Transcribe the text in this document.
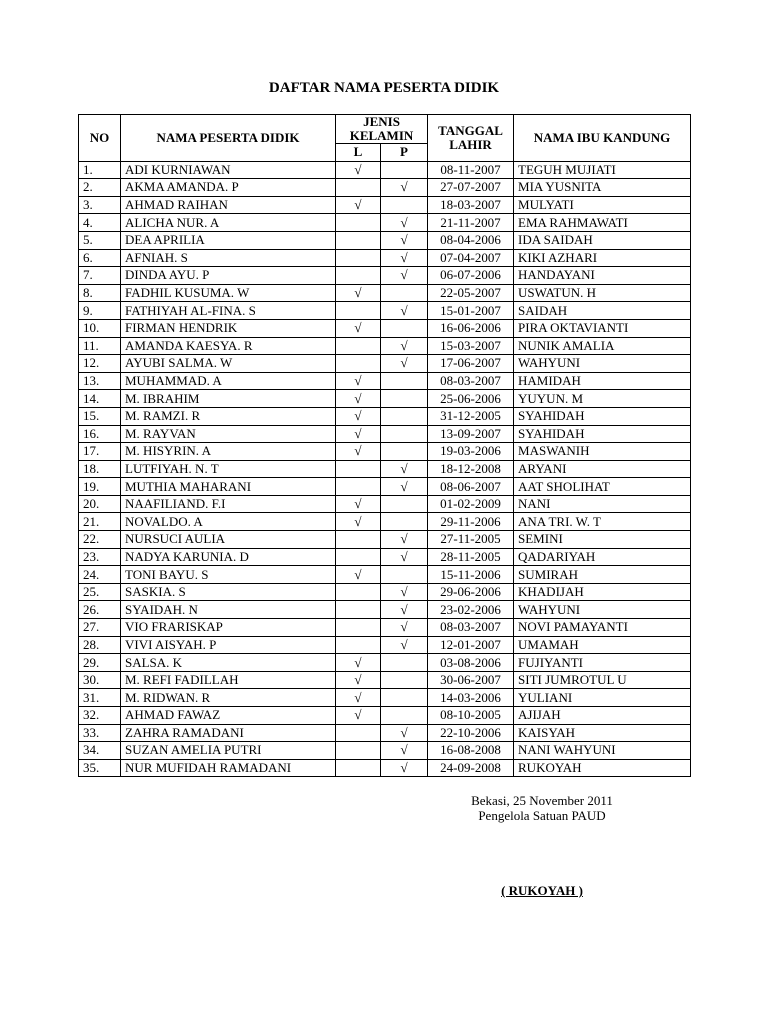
DAFTAR NAMA PESERTA DIDIK
NO	NAMA PESERTA DIDIK	JENIS KELAMIN		TANGGAL LAHIR	NAMA IBU KANDUNG
		L	P		
1.	ADI KURNIAWAN	√		08-11-2007	TEGUH MUJIATI
2.	AKMA AMANDA. P		√	27-07-2007	MIA YUSNITA
3.	AHMAD RAIHAN	√		18-03-2007	MULYATI
4.	ALICHA NUR. A		√	21-11-2007	EMA RAHMAWATI
5.	DEA APRILIA		√	08-04-2006	IDA SAIDAH
6.	AFNIAH. S		√	07-04-2007	KIKI AZHARI
7.	DINDA AYU. P		√	06-07-2006	HANDAYANI
8.	FADHIL KUSUMA. W	√		22-05-2007	USWATUN. H
9.	FATHIYAH AL-FINA. S		√	15-01-2007	SAIDAH
10.	FIRMAN HENDRIK	√		16-06-2006	PIRA OKTAVIANTI
11.	AMANDA KAESYA. R		√	15-03-2007	NUNIK AMALIA
12.	AYUBI SALMA. W		√	17-06-2007	WAHYUNI
13.	MUHAMMAD. A	√		08-03-2007	HAMIDAH
14.	M. IBRAHIM	√		25-06-2006	YUYUN. M
15.	M. RAMZI. R	√		31-12-2005	SYAHIDAH
16.	M. RAYVAN	√		13-09-2007	SYAHIDAH
17.	M. HISYRIN. A	√		19-03-2006	MASWANIH
18.	LUTFIYAH. N. T		√	18-12-2008	ARYANI
19.	MUTHIA MAHARANI		√	08-06-2007	AAT SHOLIHAT
20.	NAAFILIAND. F.I	√		01-02-2009	NANI
21.	NOVALDO. A	√		29-11-2006	ANA TRI. W. T
22.	NURSUCI AULIA		√	27-11-2005	SEMINI
23.	NADYA KARUNIA. D		√	28-11-2005	QADARIYAH
24.	TONI BAYU. S	√		15-11-2006	SUMIRAH
25.	SASKIA. S		√	29-06-2006	KHADIJAH
26.	SYAIDAH. N		√	23-02-2006	WAHYUNI
27.	VIO FRARISKAP		√	08-03-2007	NOVI PAMAYANTI
28.	VIVI AISYAH. P		√	12-01-2007	UMAMAH
29.	SALSA. K	√		03-08-2006	FUJIYANTI
30.	M. REFI FADILLAH	√		30-06-2007	SITI JUMROTUL U
31.	M. RIDWAN. R	√		14-03-2006	YULIANI
32.	AHMAD FAWAZ	√		08-10-2005	AJIJAH
33.	ZAHRA RAMADANI		√	22-10-2006	KAISYAH
34.	SUZAN AMELIA PUTRI		√	16-08-2008	NANI WAHYUNI
35.	NUR MUFIDAH RAMADANI		√	24-09-2008	RUKOYAH
Bekasi, 25 November 2011
Pengelola Satuan PAUD
( RUKOYAH )
